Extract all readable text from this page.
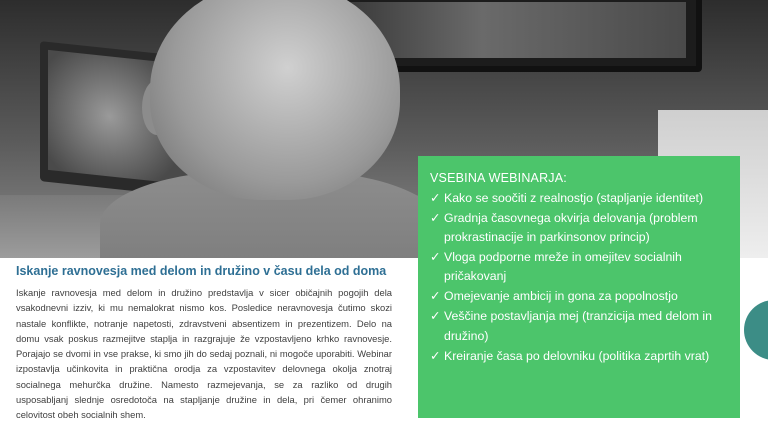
Iskanje ravnovesja med delom in družino v času dela od doma

Iskanje ravnovesja med delom in družino predstavlja v sicer običajnih pogojih dela vsakodnevni izziv, ki mu nemalokrat nismo kos. Posledice neravnovesja čutimo skozi nastale konflikte, notranje napetosti, zdravstveni absentizem in prezentizem. Delo na domu vsak poskus razmejitve staplja in razgrajuje že vzpostavljeno krhko ravnovesje. Porajajo se dvomi in vse prakse, ki smo jih do sedaj poznali, ni mogoče uporabiti. Webinar izpostavlja učinkovita in praktična orodja za vzpostavitev delovnega okolja znotraj socialnega mehurčka družine. Namesto razmejevanja, se za razliko od drugih usposabljanj slednje osredotoča na stapljanje družine in dela, pri čemer ohranimo celovitost obeh socialnih shem.

VSEBINA WEBINARJA:
✓ Kako se soočiti z realnostjo (stapljanje identitet)
✓ Gradnja časovnega okvirja delovanja (problem prokrastinacije in parkinsonov princip)
✓ Vloga podporne mreže in omejitev socialnih pričakovanj
✓ Omejevanje ambicij in gona za popolnostjo
✓ Veščine postavljanja mej (tranzicija med delom in družino)
✓ Kreiranje časa po delovniku (politika zaprtih vrat)
